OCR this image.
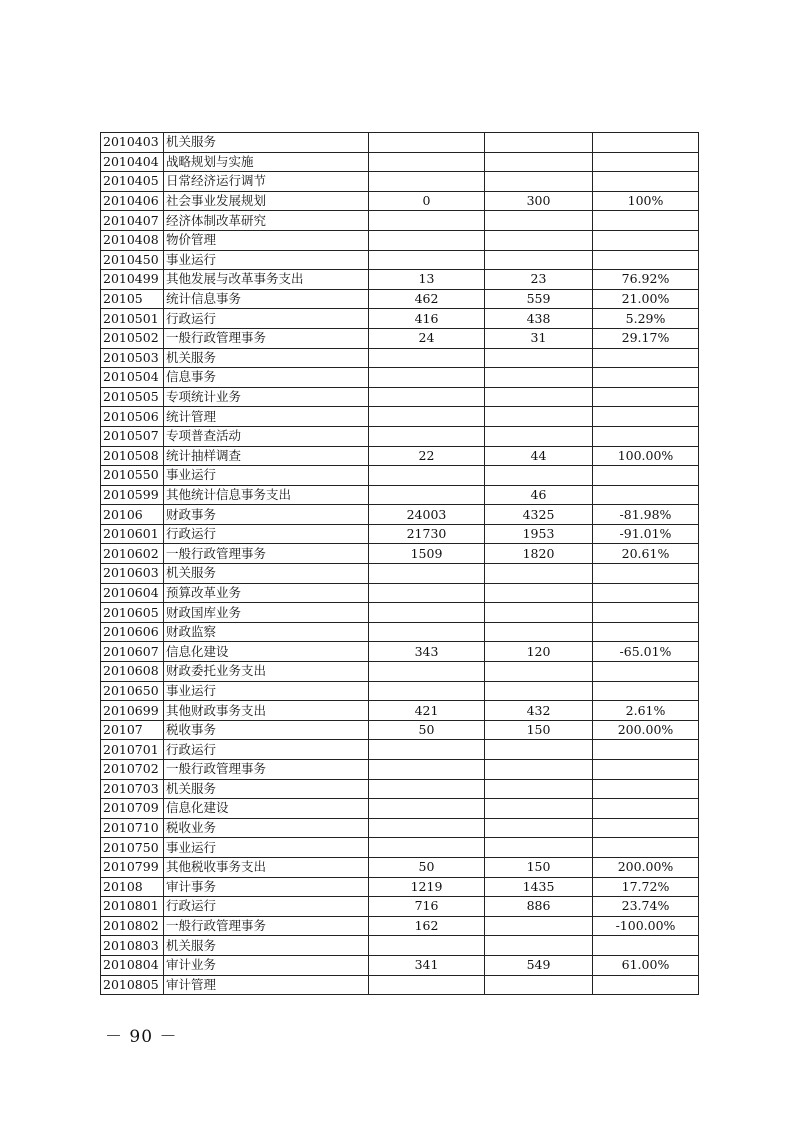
2010403	机关服务			
2010404	战略规划与实施			
2010405	日常经济运行调节			
2010406	社会事业发展规划	0	300	100%
2010407	经济体制改革研究			
2010408	物价管理			
2010450	事业运行			
2010499	其他发展与改革事务支出	13	23	76.92%
20105	统计信息事务	462	559	21.00%
2010501	行政运行	416	438	5.29%
2010502	一般行政管理事务	24	31	29.17%
2010503	机关服务			
2010504	信息事务			
2010505	专项统计业务			
2010506	统计管理			
2010507	专项普查活动			
2010508	统计抽样调查	22	44	100.00%
2010550	事业运行			
2010599	其他统计信息事务支出		46	
20106	财政事务	24003	4325	-81.98%
2010601	行政运行	21730	1953	-91.01%
2010602	一般行政管理事务	1509	1820	20.61%
2010603	机关服务			
2010604	预算改革业务			
2010605	财政国库业务			
2010606	财政监察			
2010607	信息化建设	343	120	-65.01%
2010608	财政委托业务支出			
2010650	事业运行			
2010699	其他财政事务支出	421	432	2.61%
20107	税收事务	50	150	200.00%
2010701	行政运行			
2010702	一般行政管理事务			
2010703	机关服务			
2010709	信息化建设			
2010710	税收业务			
2010750	事业运行			
2010799	其他税收事务支出	50	150	200.00%
20108	审计事务	1219	1435	17.72%
2010801	行政运行	716	886	23.74%
2010802	一般行政管理事务	162		-100.00%
2010803	机关服务			
2010804	审计业务	341	549	61.00%
2010805	审计管理			
－ 90 －
